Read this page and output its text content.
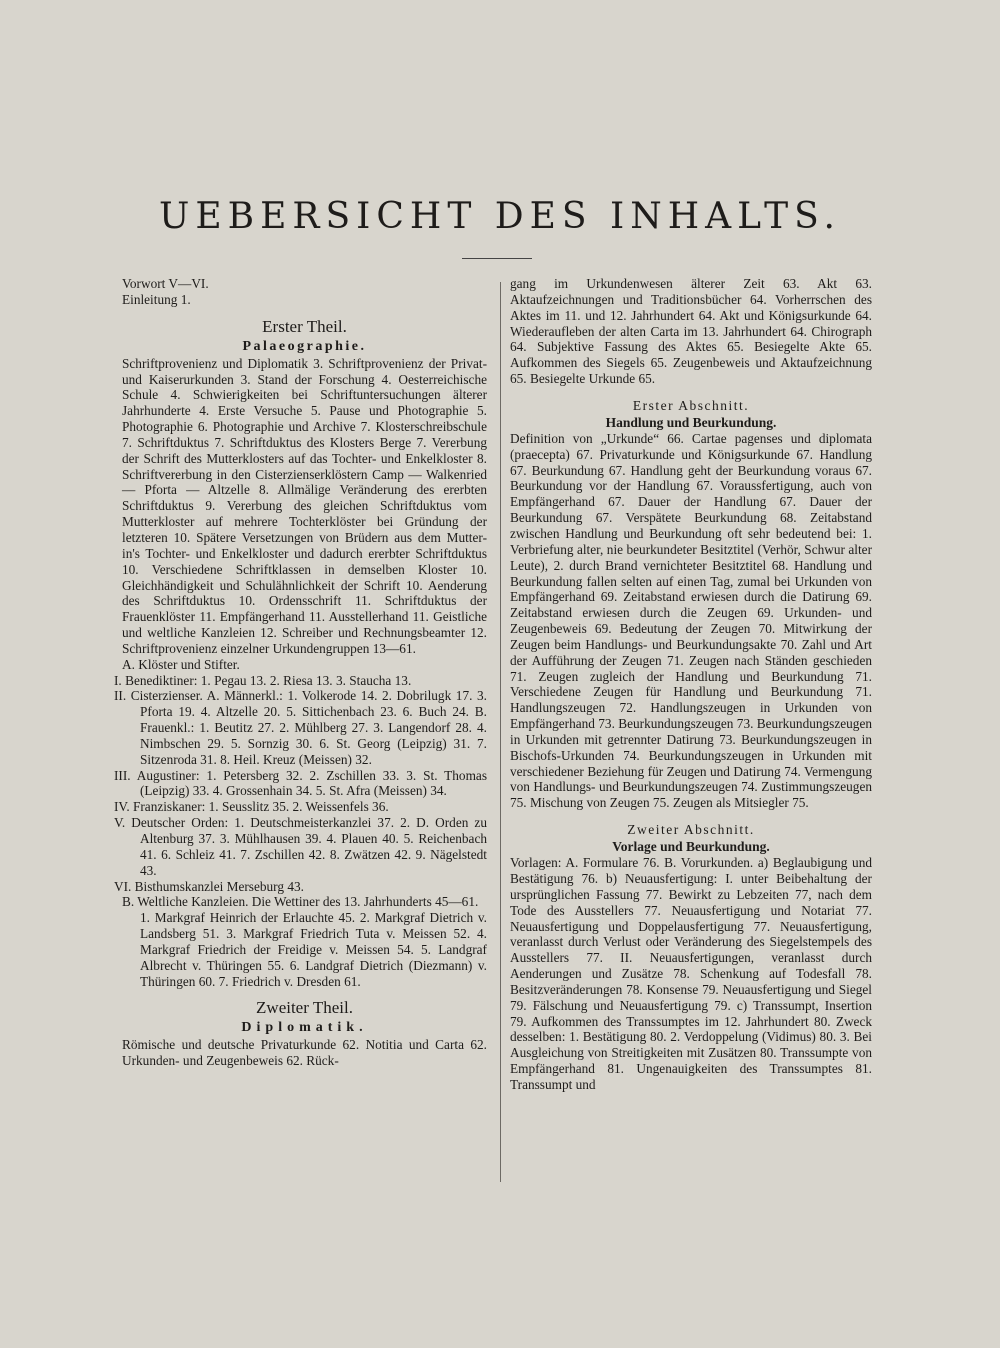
UEBERSICHT DES INHALTS.

Vorwort V—VI.

Einleitung 1.

Erster Theil.

Palaeographie.

Schriftprovenienz und Diplomatik 3. Schriftprovenienz der Privat- und Kaiserurkunden 3. Stand der Forschung 4. Oesterreichische Schule 4. Schwierigkeiten bei Schriftuntersuchungen älterer Jahrhunderte 4. Erste Versuche 5. Pause und Photographie 5. Photographie 6. Photographie und Archive 7. Klosterschreibschule 7. Schriftduktus 7. Schriftduktus des Klosters Berge 7. Vererbung der Schrift des Mutterklosters auf das Tochter- und Enkelkloster 8. Schriftvererbung in den Cisterzienserklöstern Camp — Walkenried — Pforta — Altzelle 8. Allmälige Veränderung des ererbten Schriftduktus 9. Vererbung des gleichen Schriftduktus vom Mutterkloster auf mehrere Tochterklöster bei Gründung der letzteren 10. Spätere Versetzungen von Brüdern aus dem Mutter- in's Tochter- und Enkelkloster und dadurch ererbter Schriftduktus 10. Verschiedene Schriftklassen in demselben Kloster 10. Gleichhändigkeit und Schulähnlichkeit der Schrift 10. Aenderung des Schriftduktus 10. Ordensschrift 11. Schriftduktus der Frauenklöster 11. Empfängerhand 11. Ausstellerhand 11. Geistliche und weltliche Kanzleien 12. Schreiber und Rechnungsbeamter 12. Schriftprovenienz einzelner Urkundengruppen 13—61.

A. Klöster und Stifter.

I. Benediktiner: 1. Pegau 13. 2. Riesa 13. 3. Staucha 13.

II. Cisterzienser. A. Männerkl.: 1. Volkerode 14. 2. Dobrilugk 17. 3. Pforta 19. 4. Altzelle 20. 5. Sittichenbach 23. 6. Buch 24. B. Frauenkl.: 1. Beutitz 27. 2. Mühlberg 27. 3. Langendorf 28. 4. Nimbschen 29. 5. Sornzig 30. 6. St. Georg (Leipzig) 31. 7. Sitzenroda 31. 8. Heil. Kreuz (Meissen) 32.

III. Augustiner: 1. Petersberg 32. 2. Zschillen 33. 3. St. Thomas (Leipzig) 33. 4. Grossenhain 34. 5. St. Afra (Meissen) 34.

IV. Franziskaner: 1. Seusslitz 35. 2. Weissenfels 36.

V. Deutscher Orden: 1. Deutschmeisterkanzlei 37. 2. D. Orden zu Altenburg 37. 3. Mühlhausen 39. 4. Plauen 40. 5. Reichenbach 41. 6. Schleiz 41. 7. Zschillen 42. 8. Zwätzen 42. 9. Nägelstedt 43.

VI. Bisthumskanzlei Merseburg 43.

B. Weltliche Kanzleien. Die Wettiner des 13. Jahrhunderts 45—61.

1. Markgraf Heinrich der Erlauchte 45. 2. Markgraf Dietrich v. Landsberg 51. 3. Markgraf Friedrich Tuta v. Meissen 52. 4. Markgraf Friedrich der Freidige v. Meissen 54. 5. Landgraf Albrecht v. Thüringen 55. 6. Landgraf Dietrich (Diezmann) v. Thüringen 60. 7. Friedrich v. Dresden 61.

Zweiter Theil.

Diplomatik.

Römische und deutsche Privaturkunde 62. Notitia und Carta 62. Urkunden- und Zeugenbeweis 62. Rück-

gang im Urkundenwesen älterer Zeit 63. Akt 63. Aktaufzeichnungen und Traditionsbücher 64. Vorherrschen des Aktes im 11. und 12. Jahrhundert 64. Akt und Königsurkunde 64. Wiederaufleben der alten Carta im 13. Jahrhundert 64. Chirograph 64. Subjektive Fassung des Aktes 65. Besiegelte Akte 65. Aufkommen des Siegels 65. Zeugenbeweis und Aktaufzeichnung 65. Besiegelte Urkunde 65.

Erster Abschnitt.

Handlung und Beurkundung.

Definition von „Urkunde“ 66. Cartae pagenses und diplomata (praecepta) 67. Privaturkunde und Königsurkunde 67. Handlung 67. Beurkundung 67. Handlung geht der Beurkundung voraus 67. Beurkundung vor der Handlung 67. Voraussfertigung, auch von Empfängerhand 67. Dauer der Handlung 67. Dauer der Beurkundung 67. Verspätete Beurkundung 68. Zeitabstand zwischen Handlung und Beurkundung oft sehr bedeutend bei: 1. Verbriefung alter, nie beurkundeter Besitztitel (Verhör, Schwur alter Leute), 2. durch Brand vernichteter Besitztitel 68. Handlung und Beurkundung fallen selten auf einen Tag, zumal bei Urkunden von Empfängerhand 69. Zeitabstand erwiesen durch die Datirung 69. Zeitabstand erwiesen durch die Zeugen 69. Urkunden- und Zeugenbeweis 69. Bedeutung der Zeugen 70. Mitwirkung der Zeugen beim Handlungs- und Beurkundungsakte 70. Zahl und Art der Aufführung der Zeugen 71. Zeugen nach Ständen geschieden 71. Zeugen zugleich der Handlung und Beurkundung 71. Verschiedene Zeugen für Handlung und Beurkundung 71. Handlungszeugen 72. Handlungszeugen in Urkunden von Empfängerhand 73. Beurkundungszeugen 73. Beurkundungszeugen in Urkunden mit getrennter Datirung 73. Beurkundungszeugen in Bischofs-Urkunden 74. Beurkundungszeugen in Urkunden mit verschiedener Beziehung für Zeugen und Datirung 74. Vermengung von Handlungs- und Beurkundungszeugen 74. Zustimmungszeugen 75. Mischung von Zeugen 75. Zeugen als Mitsiegler 75.

Zweiter Abschnitt.

Vorlage und Beurkundung.

Vorlagen: A. Formulare 76. B. Vorurkunden. a) Beglaubigung und Bestätigung 76. b) Neuausfertigung: I. unter Beibehaltung der ursprünglichen Fassung 77. Bewirkt zu Lebzeiten 77, nach dem Tode des Ausstellers 77. Neuausfertigung und Notariat 77. Neuausfertigung und Doppelausfertigung 77. Neuausfertigung, veranlasst durch Verlust oder Veränderung des Siegelstempels des Ausstellers 77. II. Neuausfertigungen, veranlasst durch Aenderungen und Zusätze 78. Schenkung auf Todesfall 78. Besitzveränderungen 78. Konsense 79. Neuausfertigung und Siegel 79. Fälschung und Neuausfertigung 79. c) Transsumpt, Insertion 79. Aufkommen des Transsumptes im 12. Jahrhundert 80. Zweck desselben: 1. Bestätigung 80. 2. Verdoppelung (Vidimus) 80. 3. Bei Ausgleichung von Streitigkeiten mit Zusätzen 80. Transsumpte von Empfängerhand 81. Ungenauigkeiten des Transsumptes 81. Transsumpt und
